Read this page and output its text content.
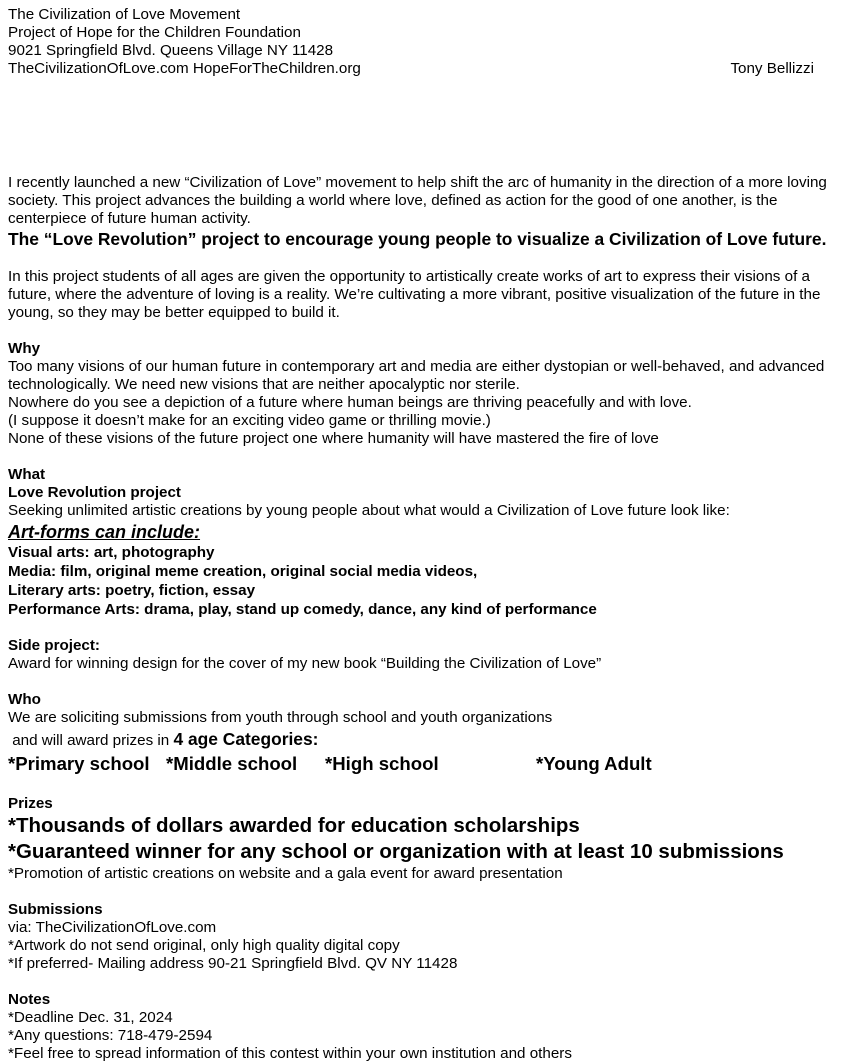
The Civilization of Love Movement
Project of Hope for the Children Foundation
9021 Springfield Blvd. Queens Village NY 11428
TheCivilizationOfLove.com HopeForTheChildren.org	Tony Bellizzi
I recently launched a new “Civilization of Love” movement to help shift the arc of humanity in the direction of a more loving society. This project advances the building a world where love, defined as action for the good of one another, is the centerpiece of future human activity.
The “Love Revolution” project to encourage young people to visualize a Civilization of Love future.
In this project students of all ages are given the opportunity to artistically create works of art to express their visions of a future, where the adventure of loving is a reality. We’re cultivating a more vibrant, positive visualization of the future in the young, so they may be better equipped to build it.
Why
Too many visions of our human future in contemporary art and media are either dystopian or well-behaved, and advanced technologically. We need new visions that are neither apocalyptic nor sterile.
Nowhere do you see a depiction of a future where human beings are thriving peacefully and with love.
(I suppose it doesn’t make for an exciting video game or thrilling movie.)
None of these visions of the future project one where humanity will have mastered the fire of love
What
Love Revolution project
Seeking unlimited artistic creations by young people about what would a Civilization of Love future look like:
Art-forms can include:
Visual arts: art, photography
Media: film, original meme creation, original social media videos,
Literary arts: poetry, fiction, essay
Performance Arts: drama, play, stand up comedy, dance, any kind of performance
Side project:
Award for winning design for the cover of my new book “Building the Civilization of Love”
Who
We are soliciting submissions from youth through school and youth organizations
and will award prizes in 4 age Categories:
*Primary school *Middle school *High school	*Young Adult
Prizes
*Thousands of dollars awarded for education scholarships
*Guaranteed winner for any school or organization with at least 10 submissions
*Promotion of artistic creations on website and a gala event for award presentation
Submissions
via: TheCivilizationOfLove.com
*Artwork do not send original, only high quality digital copy
*If preferred- Mailing address 90-21 Springfield Blvd. QV NY 11428
Notes
*Deadline Dec. 31, 2024
*Any questions: 718-479-2594
*Feel free to spread information of this contest within your own institution and others
